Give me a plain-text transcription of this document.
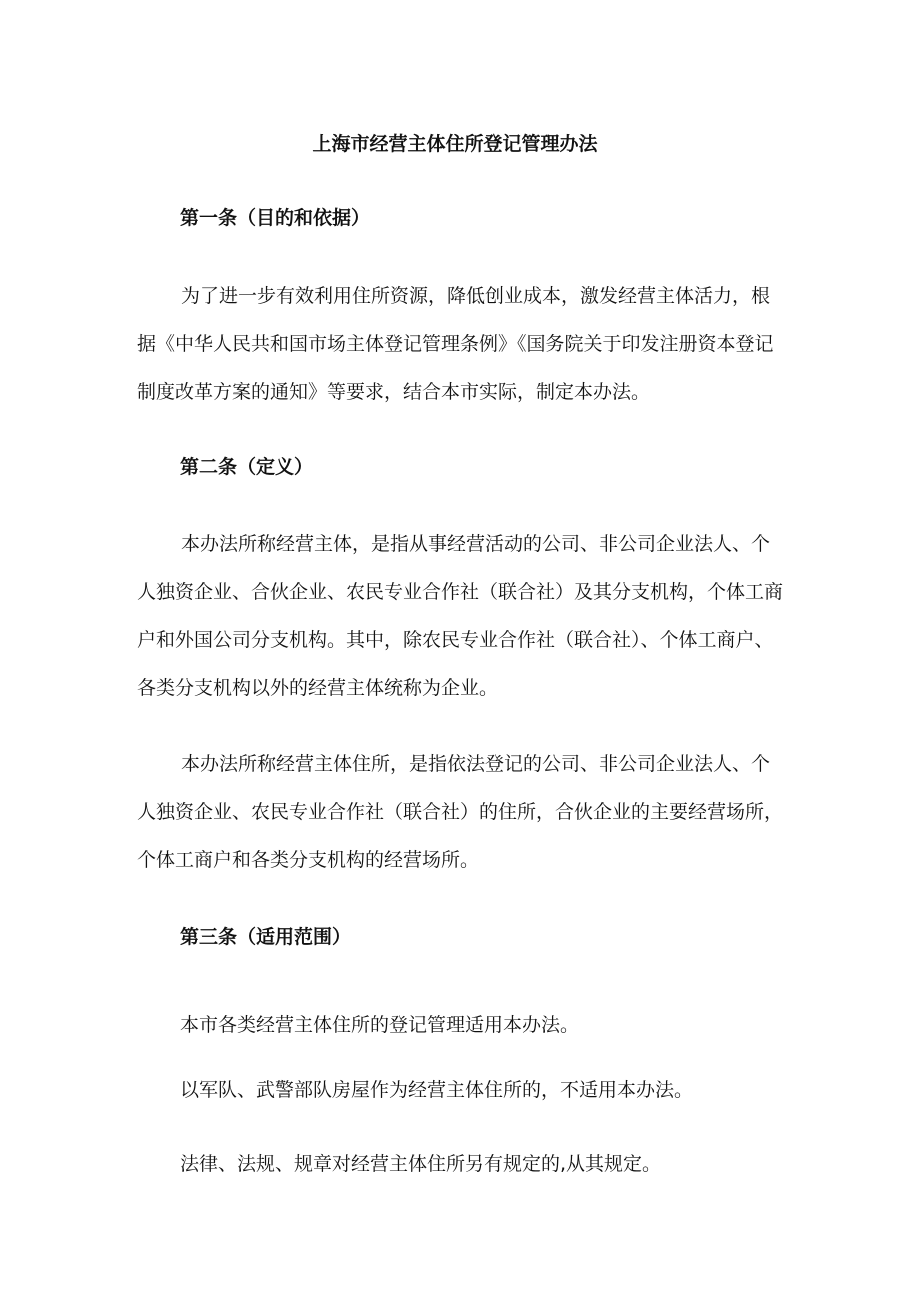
上海市经营主体住所登记管理办法
第一条（目的和依据）
为了进一步有效利用住所资源，降低创业成本，激发经营主体活力，根据《中华人民共和国市场主体登记管理条例》《国务院关于印发注册资本登记制度改革方案的通知》等要求，结合本市实际，制定本办法。
第二条（定义）
本办法所称经营主体，是指从事经营活动的公司、非公司企业法人、个人独资企业、合伙企业、农民专业合作社（联合社）及其分支机构，个体工商户和外国公司分支机构。其中，除农民专业合作社（联合社）、个体工商户、各类分支机构以外的经营主体统称为企业。
本办法所称经营主体住所，是指依法登记的公司、非公司企业法人、个人独资企业、农民专业合作社（联合社）的住所，合伙企业的主要经营场所，个体工商户和各类分支机构的经营场所。
第三条（适用范围）
本市各类经营主体住所的登记管理适用本办法。
以军队、武警部队房屋作为经营主体住所的，不适用本办法。
法律、法规、规章对经营主体住所另有规定的,从其规定。
